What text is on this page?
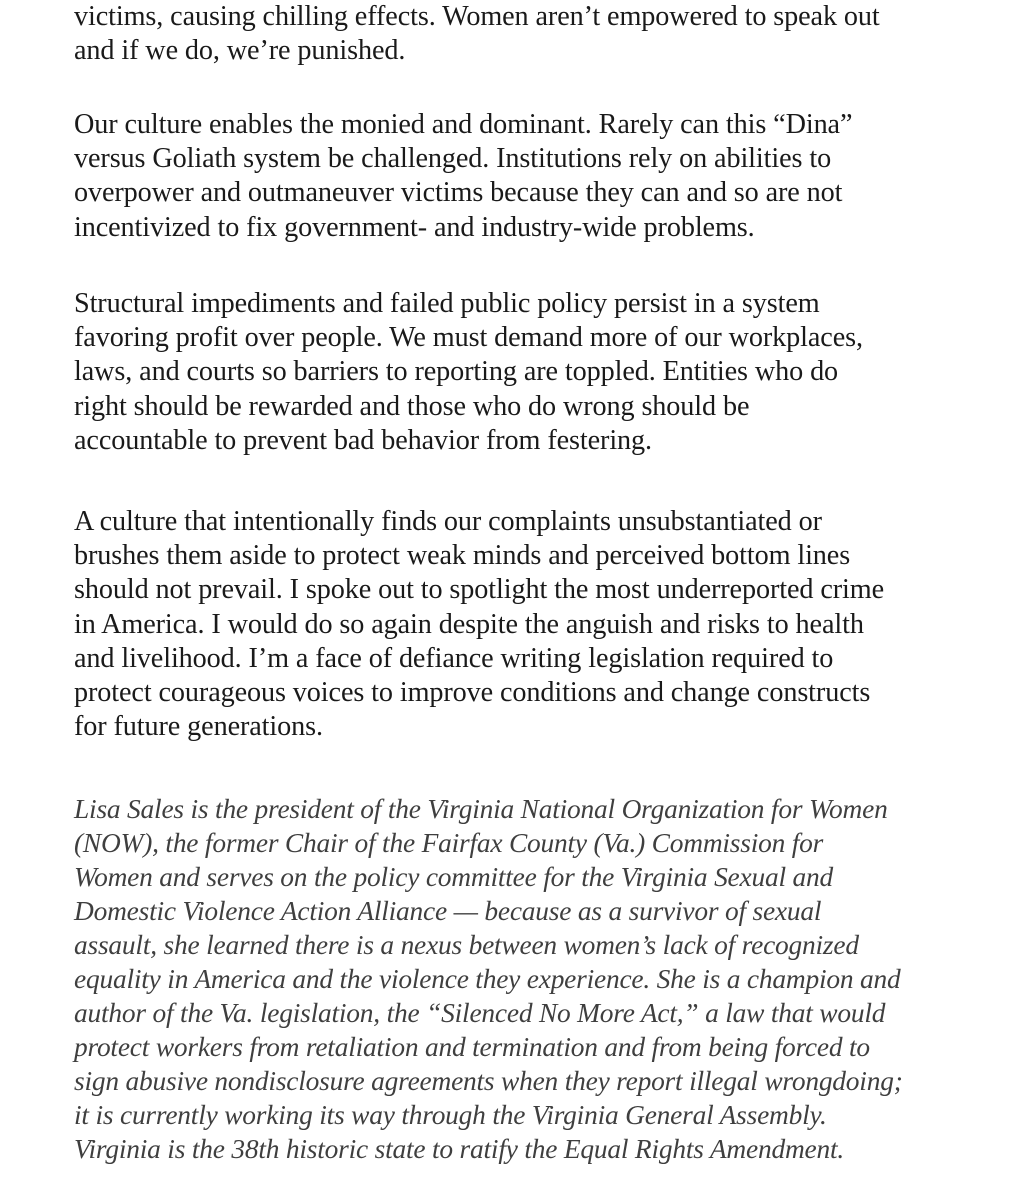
victims, causing chilling effects. Women aren’t empowered to speak out
and if we do, we’re punished.

Our culture enables the monied and dominant. Rarely can this “Dina”
versus Goliath system be challenged. Institutions rely on abilities to
overpower and outmaneuver victims because they can and so are not
incentivized to fix government- and industry-wide problems.

Structural impediments and failed public policy persist in a system
favoring profit over people. We must demand more of our workplaces,
laws, and courts so barriers to reporting are toppled. Entities who do
right should be rewarded and those who do wrong should be
accountable to prevent bad behavior from festering.

A culture that intentionally finds our complaints unsubstantiated or
brushes them aside to protect weak minds and perceived bottom lines
should not prevail. I spoke out to spotlight the most underreported crime
in America. I would do so again despite the anguish and risks to health
and livelihood. I’m a face of defiance writing legislation required to
protect courageous voices to improve conditions and change constructs
for future generations.

Lisa Sales is the president of the Virginia National Organization for Women
(NOW), the former Chair of the Fairfax County (Va.) Commission for
Women and serves on the policy committee for the Virginia Sexual and
Domestic Violence Action Alliance — because as a survivor of sexual
assault, she learned there is a nexus between women’s lack of recognized
equality in America and the violence they experience. She is a champion and
author of the Va. legislation, the “Silenced No More Act,” a law that would
protect workers from retaliation and termination and from being forced to
sign abusive nondisclosure agreements when they report illegal wrongdoing;
it is currently working its way through the Virginia General Assembly.
Virginia is the 38th historic state to ratify the Equal Rights Amendment.
